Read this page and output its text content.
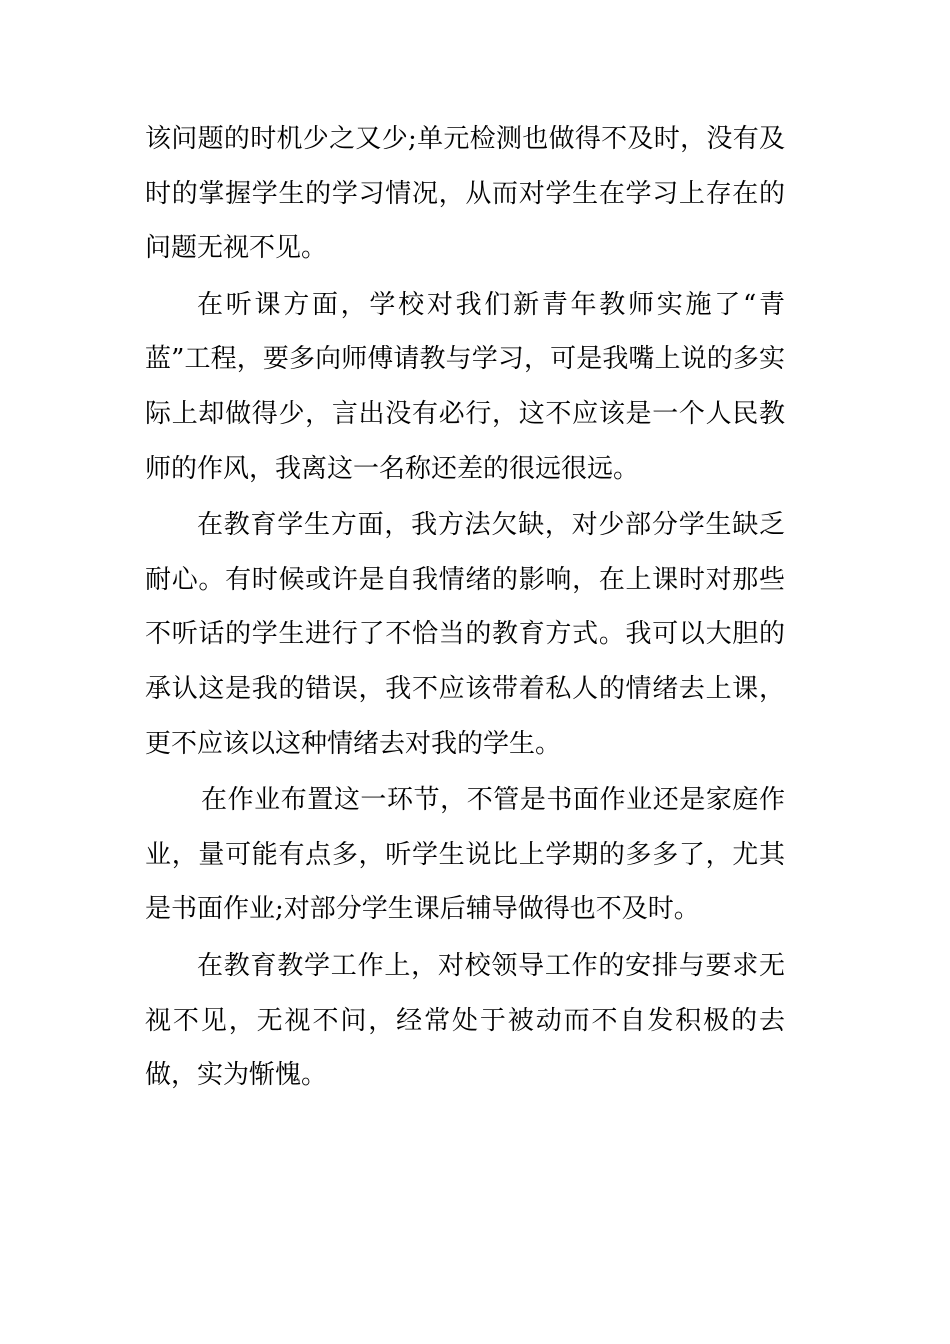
该问题的时机少之又少;单元检测也做得不及时，没有及时的掌握学生的学习情况，从而对学生在学习上存在的问题无视不见。

在听课方面，学校对我们新青年教师实施了“青蓝”工程，要多向师傅请教与学习，可是我嘴上说的多实际上却做得少，言出没有必行，这不应该是一个人民教师的作风，我离这一名称还差的很远很远。

在教育学生方面，我方法欠缺，对少部分学生缺乏耐心。有时候或许是自我情绪的影响，在上课时对那些不听话的学生进行了不恰当的教育方式。我可以大胆的承认这是我的错误，我不应该带着私人的情绪去上课，更不应该以这种情绪去对我的学生。

在作业布置这一环节，不管是书面作业还是家庭作业，量可能有点多，听学生说比上学期的多多了，尤其是书面作业;对部分学生课后辅导做得也不及时。

在教育教学工作上，对校领导工作的安排与要求无视不见，无视不问，经常处于被动而不自发积极的去做，实为惭愧。
